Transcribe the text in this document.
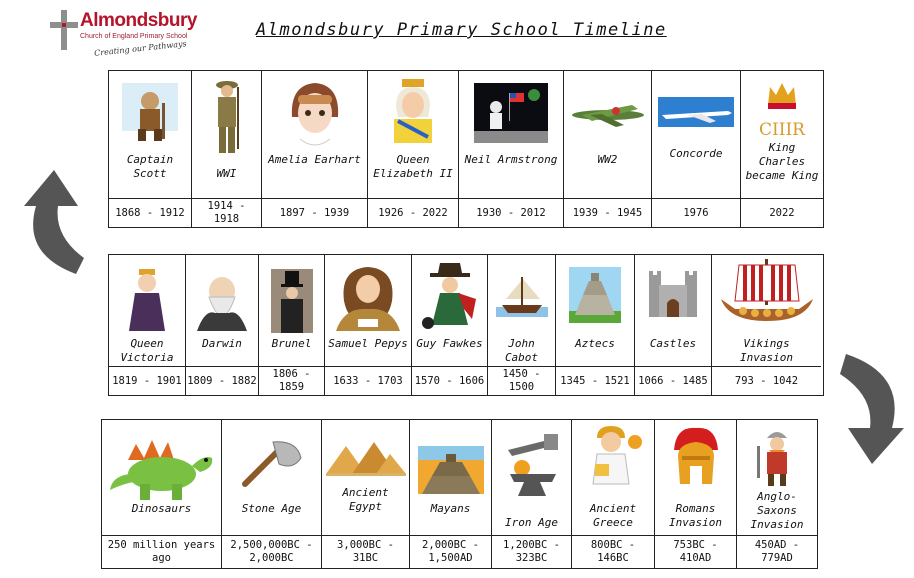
Almondsbury
Church of England Primary School
Creating our Pathways
Almondsbury Primary School Timeline
Captain Scott
1868 - 1912
WWI
1914 - 1918
Amelia Earhart
1897 - 1939
Queen Elizabeth II
1926 - 2022
Neil Armstrong
1930 - 2012
WW2
1939 - 1945
Concorde
1976
CIIIR
King Charles became King
2022
Queen Victoria
1819 - 1901
Darwin
1809 - 1882
Brunel
1806 - 1859
Samuel Pepys
1633 - 1703
Guy Fawkes
1570 - 1606
John Cabot
1450 - 1500
Aztecs
1345 - 1521
Castles
1066 - 1485
Vikings Invasion
793 - 1042
Dinosaurs
250 million years ago
Stone Age
2,500,000BC - 2,000BC
Ancient Egypt
3,000BC - 31BC
Mayans
2,000BC - 1,500AD
Iron Age
1,200BC - 323BC
Ancient Greece
800BC - 146BC
Romans Invasion
753BC - 410AD
Anglo-Saxons Invasion
450AD - 779AD
